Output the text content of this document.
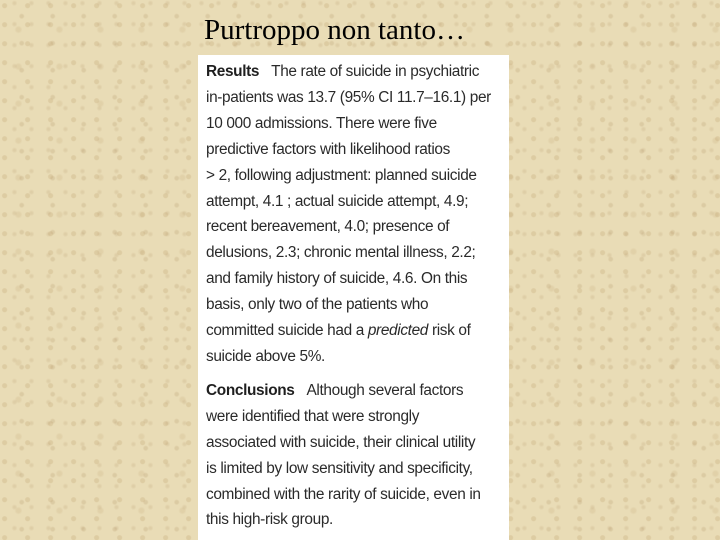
Purtroppo non tanto…
Results The rate of suicide in psychiatric
in-patients was 13.7 (95% CI 11.7–16.1) per
10 000 admissions. There were five
predictive factors with likelihood ratios
> 2, following adjustment: planned suicide
attempt, 4.1 ; actual suicide attempt, 4.9;
recent bereavement, 4.0; presence of
delusions, 2.3; chronic mental illness, 2.2;
and family history of suicide, 4.6. On this
basis, only two of the patients who
committed suicide had a predicted risk of
suicide above 5%.
Conclusions Although several factors
were identified that were strongly
associated with suicide, their clinical utility
is limited by low sensitivity and specificity,
combined with the rarity of suicide, even in
this high-risk group.
